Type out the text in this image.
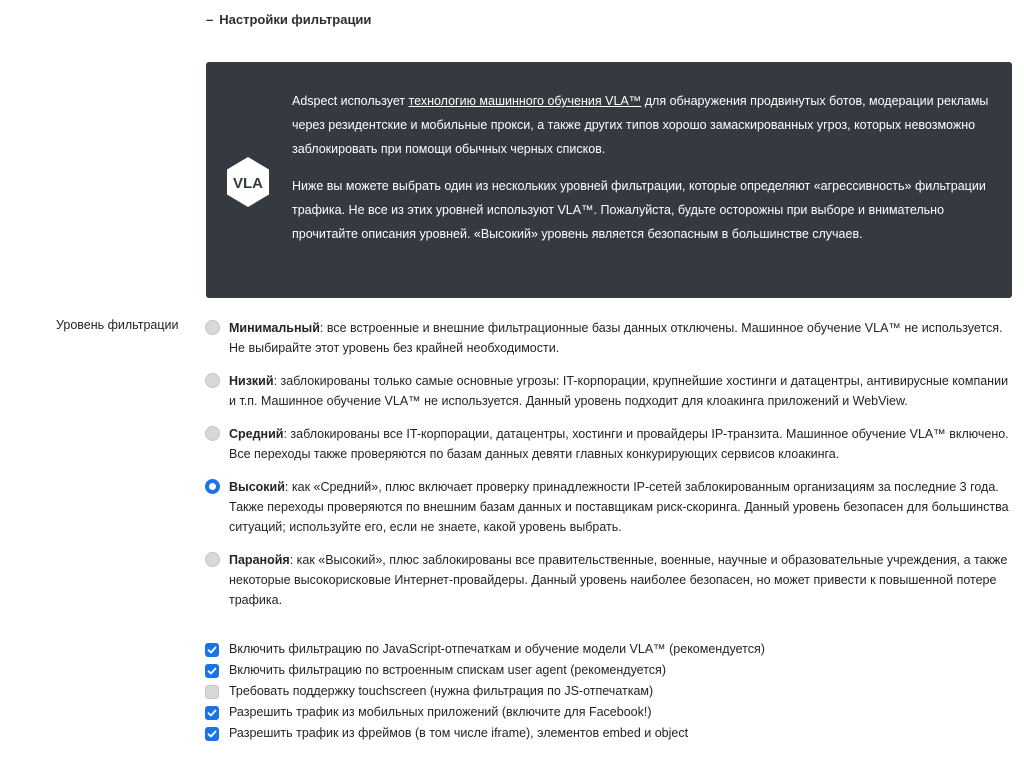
– Настройки фильтрации
VLA

Adspect использует технологию машинного обучения VLA™ для обнаружения продвинутых ботов, модерации рекламы через резидентские и мобильные прокси, а также других типов хорошо замаскированных угроз, которых невозможно заблокировать при помощи обычных черных списков.

Ниже вы можете выбрать один из нескольких уровней фильтрации, которые определяют «агрессивность» фильтрации трафика. Не все из этих уровней используют VLA™. Пожалуйста, будьте осторожны при выборе и внимательно прочитайте описания уровней. «Высокий» уровень является безопасным в большинстве случаев.

Уровень фильтрации	Минимальный: все встроенные и внешние фильтрационные базы данных отключены. Машинное обучение VLA™ не используется. Не выбирайте этот уровень без крайней необходимости.
Низкий: заблокированы только самые основные угрозы: IT-корпорации, крупнейшие хостинги и датацентры, антивирусные компании и т.п. Машинное обучение VLA™ не используется. Данный уровень подходит для клоакинга приложений и WebView.
Средний: заблокированы все IT-корпорации, датацентры, хостинги и провайдеры IP-транзита. Машинное обучение VLA™ включено. Все переходы также проверяются по базам данных девяти главных конкурирующих сервисов клоакинга.
Высокий: как «Средний», плюс включает проверку принадлежности IP-сетей заблокированным организациям за последние 3 года. Также переходы проверяются по внешним базам данных и поставщикам риск-скоринга. Данный уровень безопасен для большинства ситуаций; используйте его, если не знаете, какой уровень выбрать.
Паранойя: как «Высокий», плюс заблокированы все правительственные, военные, научные и образовательные учреждения, а также некоторые высокорисковые Интернет-провайдеры. Данный уровень наиболее безопасен, но может привести к повышенной потере трафика.
Включить фильтрацию по JavaScript-отпечаткам и обучение модели VLA™ (рекомендуется)
Включить фильтрацию по встроенным спискам user agent (рекомендуется)
Требовать поддержку touchscreen (нужна фильтрация по JS-отпечаткам)
Разрешить трафик из мобильных приложений (включите для Facebook!)
Разрешить трафик из фреймов (в том числе iframe), элементов embed и object
